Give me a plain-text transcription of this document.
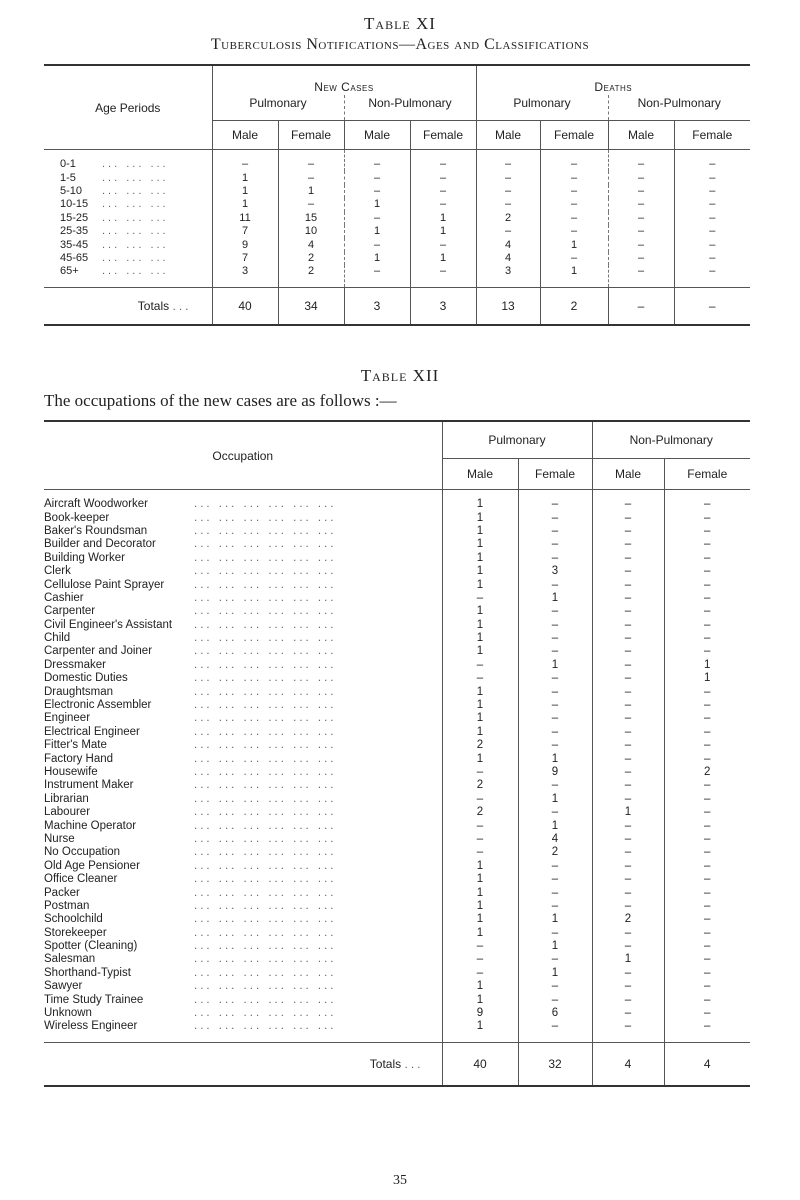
Table XI
Tuberculosis Notifications—Ages and Classifications
Age Periods	New Cases				Deaths			
	Pulmonary		Non-Pulmonary		Pulmonary		Non-Pulmonary	
	Male	Female	Male	Female	Male	Female	Male	Female
0-1 ... ... ...	–	–	–	–	–	–	–	–
1-5 ... ... ...	1	–	–	–	–	–	–	–
5-10 ... ... ...	1	1	–	–	–	–	–	–
10-15 ... ... ...	1	–	1	–	–	–	–	–
15-25 ... ... ...	11	15	–	1	2	–	–	–
25-35 ... ... ...	7	10	1	1	–	–	–	–
35-45 ... ... ...	9	4	–	–	4	1	–	–
45-65 ... ... ...	7	2	1	1	4	–	–	–
65+ ... ... ...	3	2	–	–	3	1	–	–
Totals ...	40	34	3	3	13	2	–	–
Table XII
The occupations of the new cases are as follows :—
Occupation	Pulmonary		Non-Pulmonary	
	Male	Female	Male	Female
Aircraft Woodworker ... ... ... ... ... ...	1	–	–	–
Book-keeper ... ... ... ... ... ...	1	–	–	–
Baker's Roundsman ... ... ... ... ... ...	1	–	–	–
Builder and Decorator ... ... ... ... ... ...	1	–	–	–
Building Worker ... ... ... ... ... ...	1	–	–	–
Clerk ... ... ... ... ... ...	1	3	–	–
Cellulose Paint Sprayer ... ... ... ... ... ...	1	–	–	–
Cashier ... ... ... ... ... ...	–	1	–	–
Carpenter ... ... ... ... ... ...	1	–	–	–
Civil Engineer's Assistant ... ... ... ... ... ...	1	–	–	–
Child ... ... ... ... ... ...	1	–	–	–
Carpenter and Joiner ... ... ... ... ... ...	1	–	–	–
Dressmaker ... ... ... ... ... ...	–	1	–	1
Domestic Duties ... ... ... ... ... ...	–	–	–	1
Draughtsman ... ... ... ... ... ...	1	–	–	–
Electronic Assembler ... ... ... ... ... ...	1	–	–	–
Engineer ... ... ... ... ... ...	1	–	–	–
Electrical Engineer ... ... ... ... ... ...	1	–	–	–
Fitter's Mate ... ... ... ... ... ...	2	–	–	–
Factory Hand ... ... ... ... ... ...	1	1	–	–
Housewife ... ... ... ... ... ...	–	9	–	2
Instrument Maker ... ... ... ... ... ...	2	–	–	–
Librarian ... ... ... ... ... ...	–	1	–	–
Labourer ... ... ... ... ... ...	2	–	1	–
Machine Operator ... ... ... ... ... ...	–	1	–	–
Nurse ... ... ... ... ... ...	–	4	–	–
No Occupation ... ... ... ... ... ...	–	2	–	–
Old Age Pensioner ... ... ... ... ... ...	1	–	–	–
Office Cleaner ... ... ... ... ... ...	1	–	–	–
Packer ... ... ... ... ... ...	1	–	–	–
Postman ... ... ... ... ... ...	1	–	–	–
Schoolchild ... ... ... ... ... ...	1	1	2	–
Storekeeper ... ... ... ... ... ...	1	–	–	–
Spotter (Cleaning) ... ... ... ... ... ...	–	1	–	–
Salesman ... ... ... ... ... ...	–	–	1	–
Shorthand-Typist ... ... ... ... ... ...	–	1	–	–
Sawyer ... ... ... ... ... ...	1	–	–	–
Time Study Trainee ... ... ... ... ... ...	1	–	–	–
Unknown ... ... ... ... ... ...	9	6	–	–
Wireless Engineer ... ... ... ... ... ...	1	–	–	–
Totals ...	40	32	4	4
35
